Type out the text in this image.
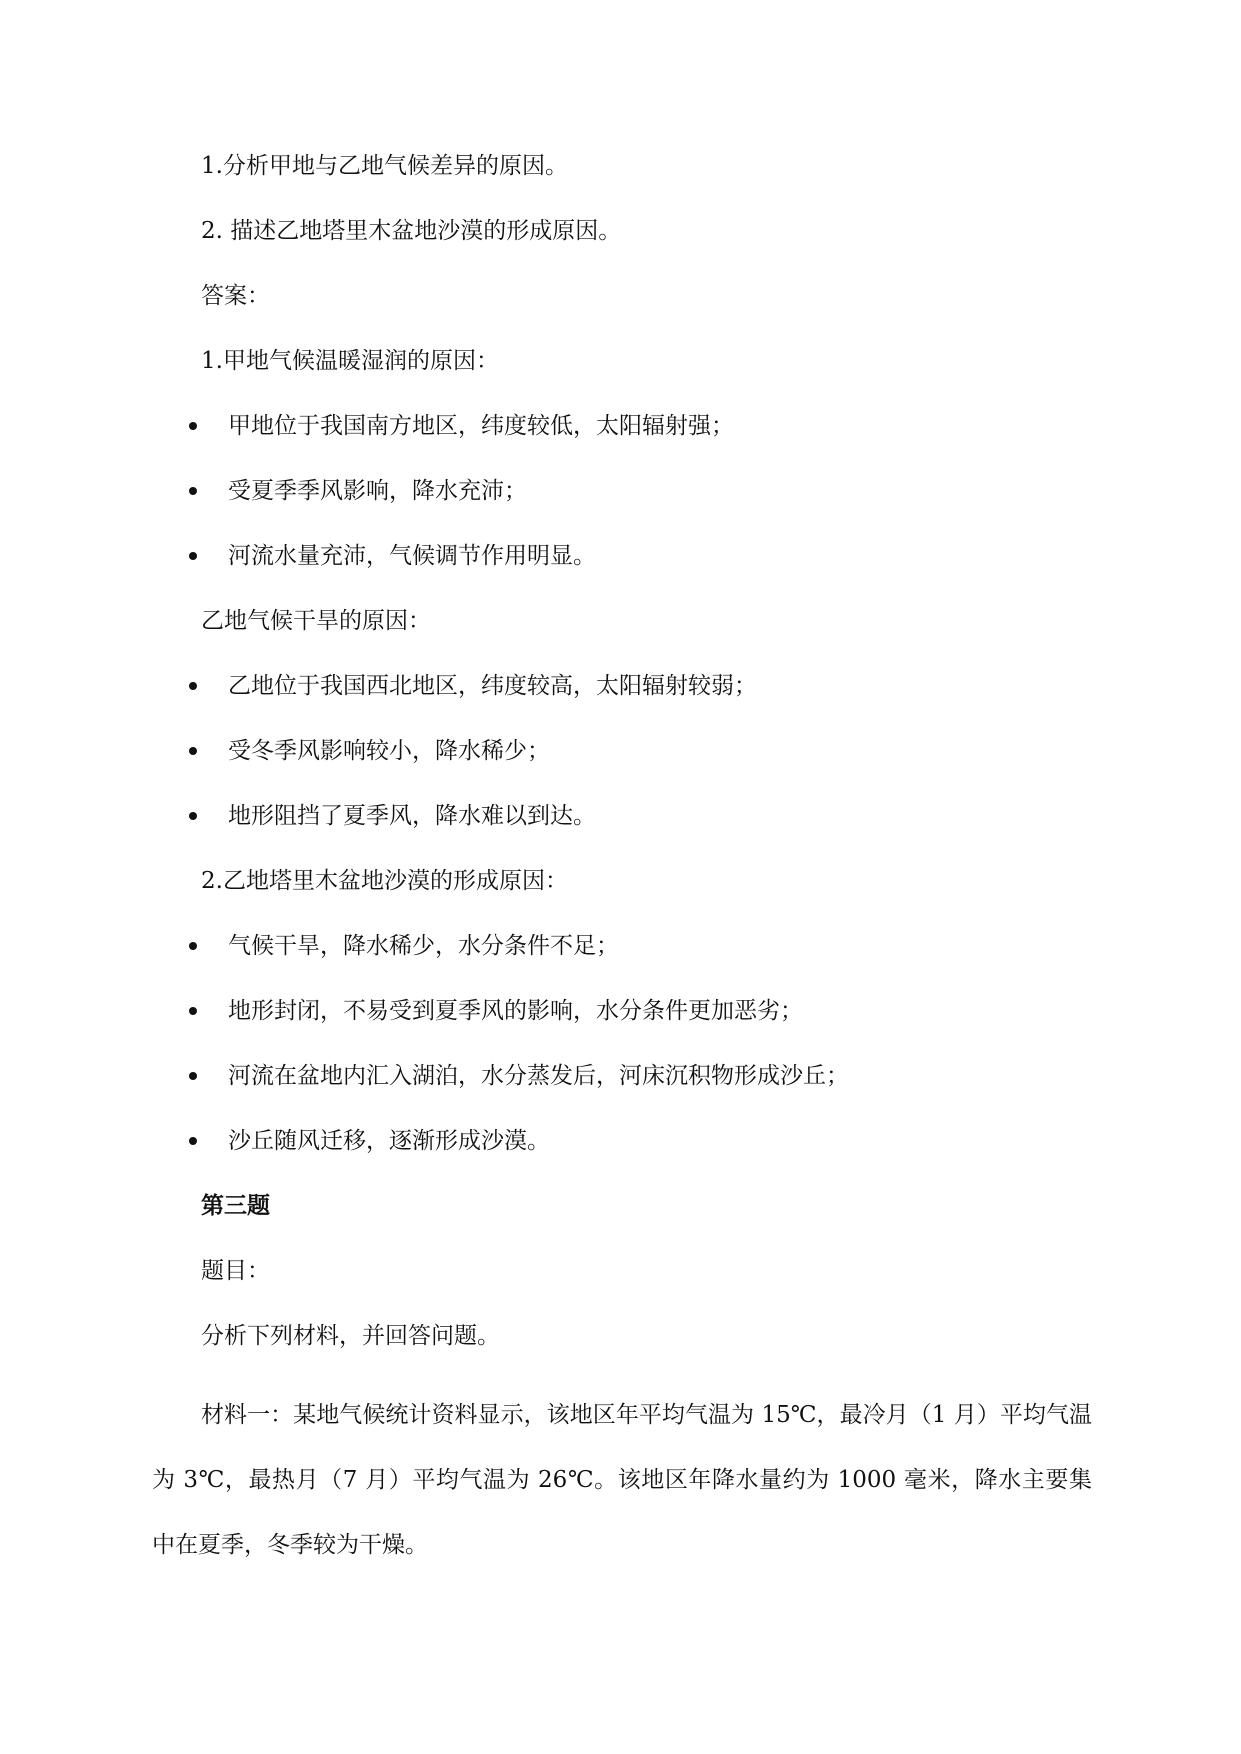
1.分析甲地与乙地气候差异的原因。

2. 描述乙地塔里木盆地沙漠的形成原因。

答案：

1.甲地气候温暖湿润的原因：

甲地位于我国南方地区，纬度较低，太阳辐射强；
受夏季季风影响，降水充沛；
河流水量充沛，气候调节作用明显。

乙地气候干旱的原因：

乙地位于我国西北地区，纬度较高，太阳辐射较弱；
受冬季风影响较小，降水稀少；
地形阻挡了夏季风，降水难以到达。

2.乙地塔里木盆地沙漠的形成原因：

气候干旱，降水稀少，水分条件不足；
地形封闭，不易受到夏季风的影响，水分条件更加恶劣；
河流在盆地内汇入湖泊，水分蒸发后，河床沉积物形成沙丘；
沙丘随风迁移，逐渐形成沙漠。

第三题

题目：

分析下列材料，并回答问题。

材料一：某地气候统计资料显示，该地区年平均气温为 15℃，最冷月（1 月）平均气温为 3℃，最热月（7 月）平均气温为 26℃。该地区年降水量约为 1000 毫米，降水主要集中在夏季，冬季较为干燥。
